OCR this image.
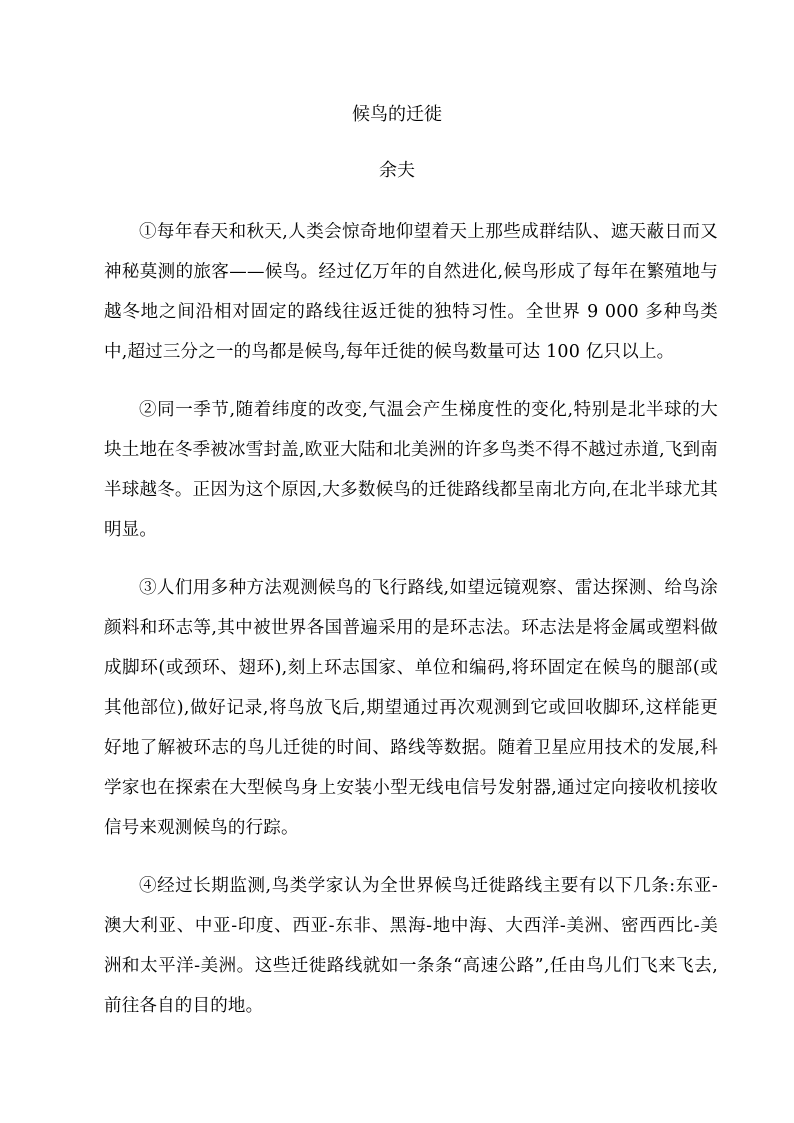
候鸟的迁徙
余夫

①每年春天和秋天,人类会惊奇地仰望着天上那些成群结队、遮天蔽日而又神秘莫测的旅客——候鸟。经过亿万年的自然进化,候鸟形成了每年在繁殖地与越冬地之间沿相对固定的路线往返迁徙的独特习性。全世界 9 000 多种鸟类中,超过三分之一的鸟都是候鸟,每年迁徙的候鸟数量可达 100 亿只以上。

②同一季节,随着纬度的改变,气温会产生梯度性的变化,特别是北半球的大块土地在冬季被冰雪封盖,欧亚大陆和北美洲的许多鸟类不得不越过赤道,飞到南半球越冬。正因为这个原因,大多数候鸟的迁徙路线都呈南北方向,在北半球尤其明显。

③人们用多种方法观测候鸟的飞行路线,如望远镜观察、雷达探测、给鸟涂颜料和环志等,其中被世界各国普遍采用的是环志法。环志法是将金属或塑料做成脚环(或颈环、翅环),刻上环志国家、单位和编码,将环固定在候鸟的腿部(或其他部位),做好记录,将鸟放飞后,期望通过再次观测到它或回收脚环,这样能更好地了解被环志的鸟儿迁徙的时间、路线等数据。随着卫星应用技术的发展,科学家也在探索在大型候鸟身上安装小型无线电信号发射器,通过定向接收机接收信号来观测候鸟的行踪。

④经过长期监测,鸟类学家认为全世界候鸟迁徙路线主要有以下几条:东亚-澳大利亚、中亚-印度、西亚-东非、黑海-地中海、大西洋-美洲、密西西比-美洲和太平洋-美洲。这些迁徙路线就如一条条“高速公路”,任由鸟儿们飞来飞去,前往各自的目的地。
